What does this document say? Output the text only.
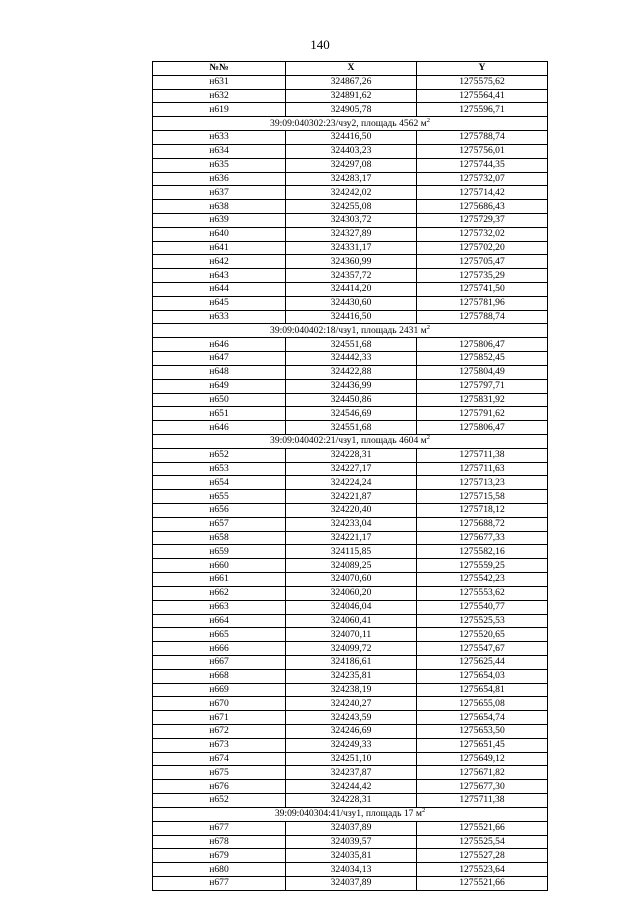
140
№№	X	Y
н631	324867,26	1275575,62
н632	324891,62	1275564,41
н619	324905,78	1275596,71
39:09:040302:23/чзу2, площадь 4562 $м^2$
н633	324416,50	1275788,74
н634	324403,23	1275756,01
н635	324297,08	1275744,35
н636	324283,17	1275732,07
н637	324242,02	1275714,42
н638	324255,08	1275686,43
н639	324303,72	1275729,37
н640	324327,89	1275732,02
н641	324331,17	1275702,20
н642	324360,99	1275705,47
н643	324357,72	1275735,29
н644	324414,20	1275741,50
н645	324430,60	1275781,96
н633	324416,50	1275788,74
39:09:040402:18/чзу1, площадь 2431 $м^2$
н646	324551,68	1275806,47
н647	324442,33	1275852,45
н648	324422,88	1275804,49
н649	324436,99	1275797,71
н650	324450,86	1275831,92
н651	324546,69	1275791,62
н646	324551,68	1275806,47
39:09:040402:21/чзу1, площадь 4604 $м^2$
н652	324228,31	1275711,38
н653	324227,17	1275711,63
н654	324224,24	1275713,23
н655	324221,87	1275715,58
н656	324220,40	1275718,12
н657	324233,04	1275688,72
н658	324221,17	1275677,33
н659	324115,85	1275582,16
н660	324089,25	1275559,25
н661	324070,60	1275542,23
н662	324060,20	1275553,62
н663	324046,04	1275540,77
н664	324060,41	1275525,53
н665	324070,11	1275520,65
н666	324099,72	1275547,67
н667	324186,61	1275625,44
н668	324235,81	1275654,03
н669	324238,19	1275654,81
н670	324240,27	1275655,08
н671	324243,59	1275654,74
н672	324246,69	1275653,50
н673	324249,33	1275651,45
н674	324251,10	1275649,12
н675	324237,87	1275671,82
н676	324244,42	1275677,30
н652	324228,31	1275711,38
39:09:040304:41/чзу1, площадь 17 $м^2$
н677	324037,89	1275521,66
н678	324039,57	1275525,54
н679	324035,81	1275527,28
н680	324034,13	1275523,64
н677	324037,89	1275521,66
